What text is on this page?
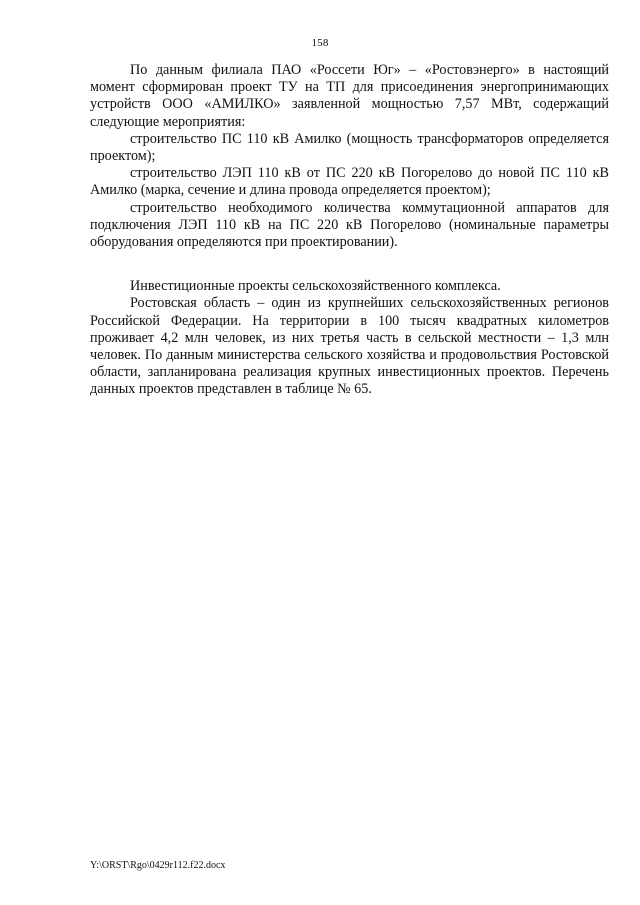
158

По данным филиала ПАО «Россети Юг» – «Ростовэнерго» в настоящий момент сформирован проект ТУ на ТП для присоединения энергопринимающих устройств ООО «АМИЛКО» заявленной мощностью 7,57 МВт, содержащий следующие мероприятия:

строительство ПС 110 кВ Амилко (мощность трансформаторов определяется проектом);

строительство ЛЭП 110 кВ от ПС 220 кВ Погорелово до новой ПС 110 кВ Амилко (марка, сечение и длина провода определяется проектом);

строительство необходимого количества коммутационной аппаратов для подключения ЛЭП 110 кВ на ПС 220 кВ Погорелово (номинальные параметры оборудования определяются при проектировании).

Инвестиционные проекты сельскохозяйственного комплекса.

Ростовская область – один из крупнейших сельскохозяйственных регионов Российской Федерации. На территории в 100 тысяч квадратных километров проживает 4,2 млн человек, из них третья часть в сельской местности – 1,3 млн человек. По данным министерства сельского хозяйства и продовольствия Ростовской области, запланирована реализация крупных инвестиционных проектов. Перечень данных проектов представлен в таблице № 65.

Y:\ORST\Rgo\0429r112.f22.docx
